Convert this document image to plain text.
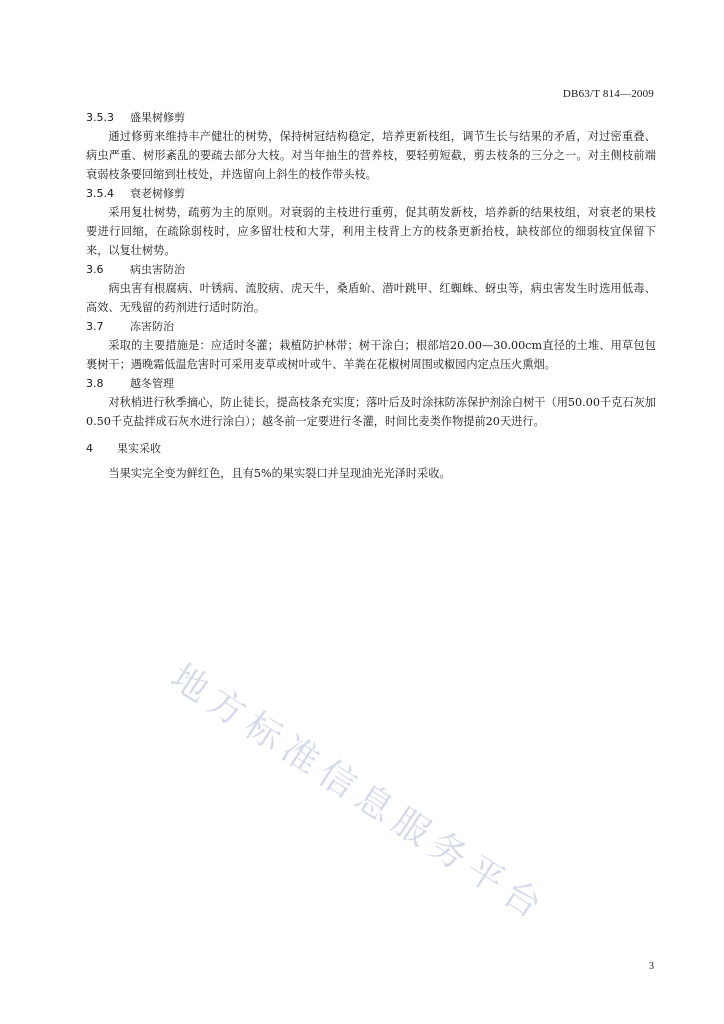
DB63/T 814—2009
3.5.3 盛果树修剪

通过修剪来维持丰产健壮的树势，保持树冠结构稳定，培养更新枝组，调节生长与结果的矛盾，对过密重叠、病虫严重、树形紊乱的要疏去部分大枝。对当年抽生的营养枝，要轻剪短截，剪去枝条的三分之一。对主侧枝前端衰弱枝条要回缩到壮枝处，并选留向上斜生的枝作带头枝。

3.5.4 衰老树修剪

采用复壮树势，疏剪为主的原则。对衰弱的主枝进行重剪，促其萌发新枝，培养新的结果枝组，对衰老的果枝要进行回缩，在疏除弱枝时，应多留壮枝和大芽，利用主枝背上方的枝条更新抬枝，缺枝部位的细弱枝宜保留下来，以复壮树势。

3.6	病虫害防治

病虫害有根腐病、叶锈病、流胶病、虎天牛，桑盾蚧、潜叶跳甲、红蜘蛛、蚜虫等，病虫害发生时选用低毒、高效、无残留的药剂进行适时防治。

3.7	冻害防治

采取的主要措施是：应适时冬灌；栽植防护林带；树干涂白；根部培20.00—30.00cm直径的土堆、用草包包裹树干；遇晚霜低温危害时可采用麦草或树叶或牛、羊粪在花椒树周围或椒园内定点压火熏烟。

3.8	越冬管理

对秋梢进行秋季摘心，防止徒长，提高枝条充实度；落叶后及时涂抹防冻保护剂涂白树干（用50.00千克石灰加0.50千克盐拌成石灰水进行涂白）；越冬前一定要进行冬灌，时间比麦类作物提前20天进行。

4 果实采收

当果实完全变为鲜红色，且有5%的果实裂口并呈现油光光泽时采收。

地方标准信息服务平台
3
